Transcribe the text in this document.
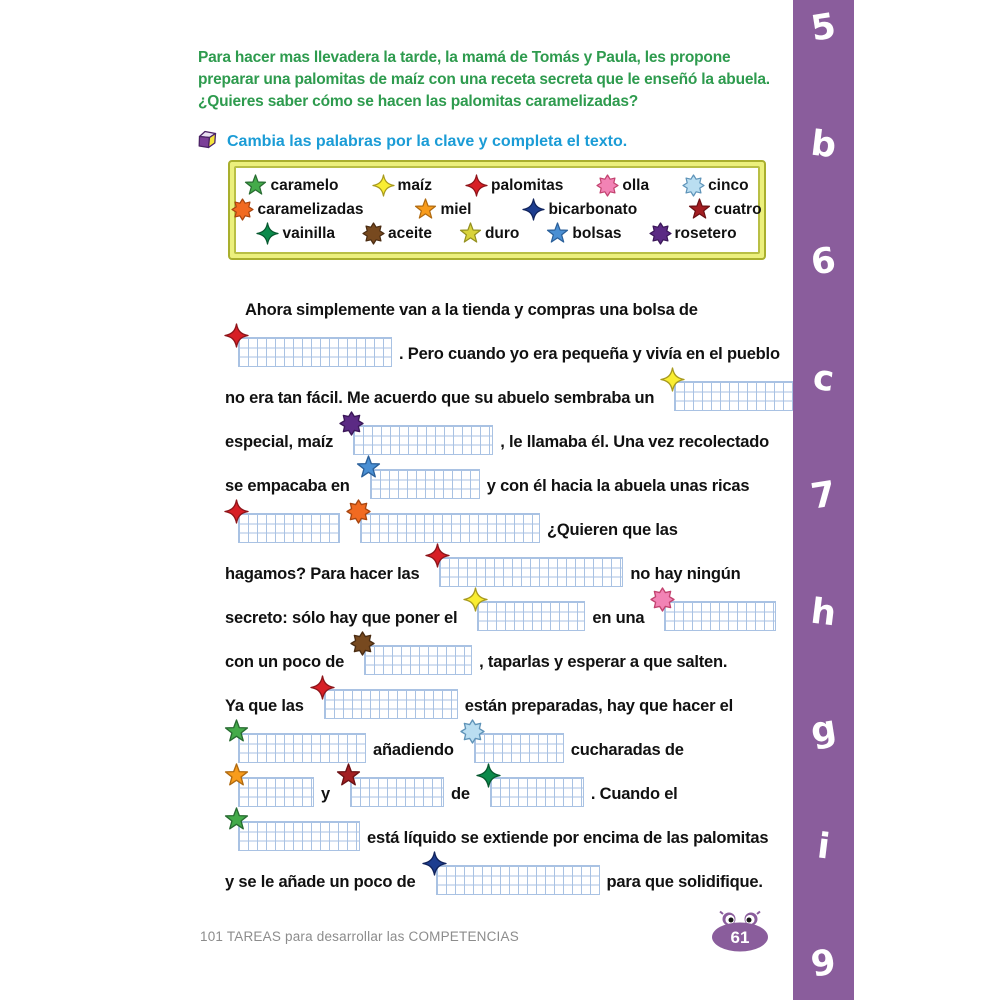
Para hacer mas llevadera la tarde, la mamá de Tomás y Paula, les propone preparar una palomitas de maíz con una receta secreta que le enseñó la abuela. ¿Quieres saber cómo se hacen las palomitas caramelizadas?
Cambia las palabras por la clave y completa el texto.
caramelo	maíz	palomitas	olla	cinco
caramelizadas	miel	bicarbonato	cuatro
vainilla	aceite	duro	bolsas	rosetero
Ahora simplemente van a la tienda y compras una bolsa de
. Pero cuando yo era pequeña y vivía en el pueblo
no era tan fácil. Me acuerdo que su abuelo sembraba un
especial, maíz	, le llamaba él. Una vez recolectado
se empacaba en	y con él hacia la abuela unas ricas
¿Quieren que las
hagamos? Para hacer las	no hay ningún
secreto: sólo hay que poner el	en una
con un poco de	, taparlas y esperar a que salten.
Ya que las	están preparadas, hay que hacer el
añadiendo	cucharadas de
y	de	. Cuando el
está líquido se extiende por encima de las palomitas
y se le añade un poco de	para que solidifique.
101 TAREAS para desarrollar las COMPETENCIAS	61
5
b
6
c
7
h
g
i
9
